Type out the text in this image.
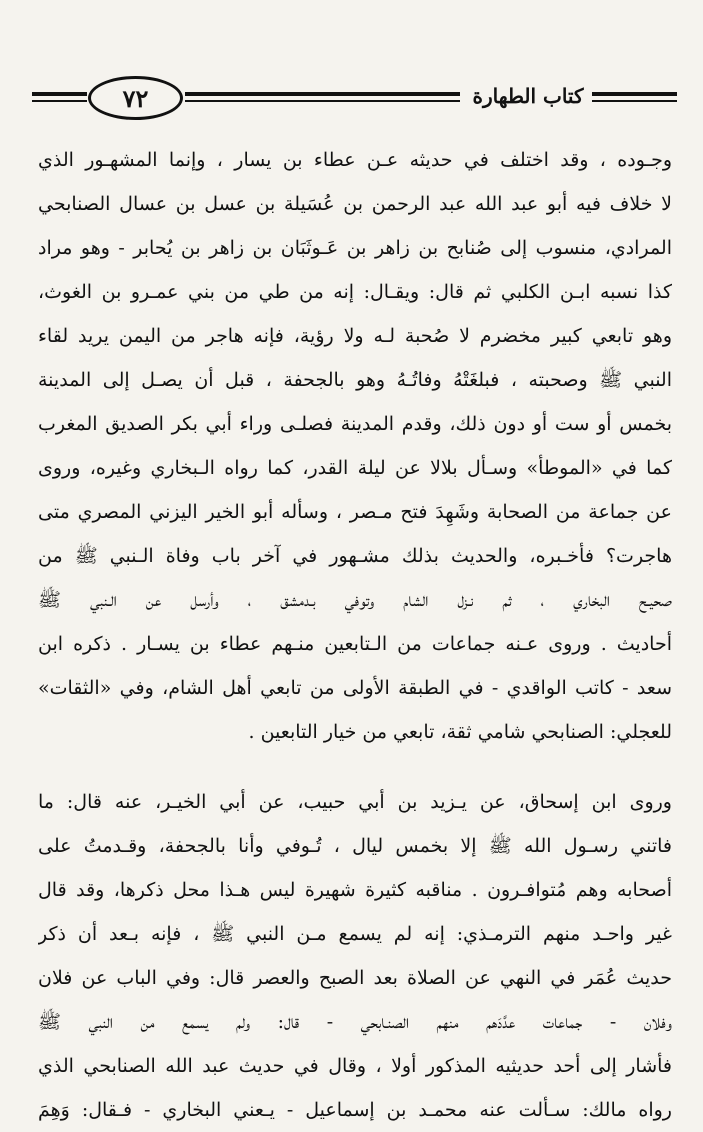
٧٢	كتاب الطهارة
وجـوده ، وقد اختلف في حديثه عـن عطاء بن يسار ، وإنما المشهـور الذي
لا خلاف فيه أبو عبد الله عبد الرحمن بن عُسَيلة بن عسل بن عسال الصنابحي
المرادي، منسوب إلى صُنابح بن زاهر بن عَـوثَبَان بن زاهر بن يُحابر - وهو مراد
كذا نسبه ابـن الكلبي ثم قال: ويقـال: إنه من طي من بني عمـرو بن الغوث،
وهو تابعي كبير مخضرم لا صُحبة لـه ولا رؤية، فإنه هاجر من اليمن يريد لقاء
النبي ﷺ وصحبته ، فبلغَتْهُ وفاتُـهُ وهو بالجحفة ، قبل أن يصـل إلى المدينة
بخمس أو ست أو دون ذلك، وقدم المدينة فصلـى وراء أبي بكر الصديق المغرب
كما في «الموطأ» وسـأل بلالا عن ليلة القدر، كما رواه الـبخاري وغيره، وروى
عن جماعة من الصحابة وشَهِدَ فتح مـصر ، وسأله أبو الخير اليزني المصري متى
هاجرت؟ فأخـبره، والحديث بذلك مشـهور في آخر باب وفاة الـنبي ﷺ من
صحيـح البخاري ، ثم نـزل الشام وتوفي بـدمشق ، وأرسل عن الـنبي ﷺ
أحاديث . وروى عـنه جماعات من الـتابعين منـهم عطاء بن يسـار . ذكره ابن
سعد - كاتب الواقدي - في الطبقة الأولى من تابعي أهل الشام، وفي «الثقات»
للعجلي: الصنابحي شامي ثقة، تابعي من خيار التابعين .
وروى ابن إسحاق، عن يـزيد بن أبي حبيب، عن أبي الخيـر، عنه قال: ما
فاتني رسـول الله ﷺ إلا بخمس ليال ، تُـوفي وأنا بالجحفة، وقـدمتُ على
أصحابه وهم مُتوافـرون . مناقبه كثيرة شهيرة ليس هـذا محل ذكرها، وقد قال
غير واحـد منهم الترمـذي: إنه لم يسمع مـن النبي ﷺ ، فإنه بـعد أن ذكر
حديث عُمَر في النهي عن الصلاة بعد الصبح والعصر قال: وفي الباب عن فلان
وفلان - جماعات عدَّدَهم منهم الصنـابحي - قال: ولم يسمع من النبي ﷺ
فأشار إلى أحد حديثيه المذكور أولا ، وقال في حديث عبد الله الصنابحي الذي
رواه مالك: سـألت عنه محمـد بن إسماعيل - يـعني البخاري - فـقال: وَهِمَ
